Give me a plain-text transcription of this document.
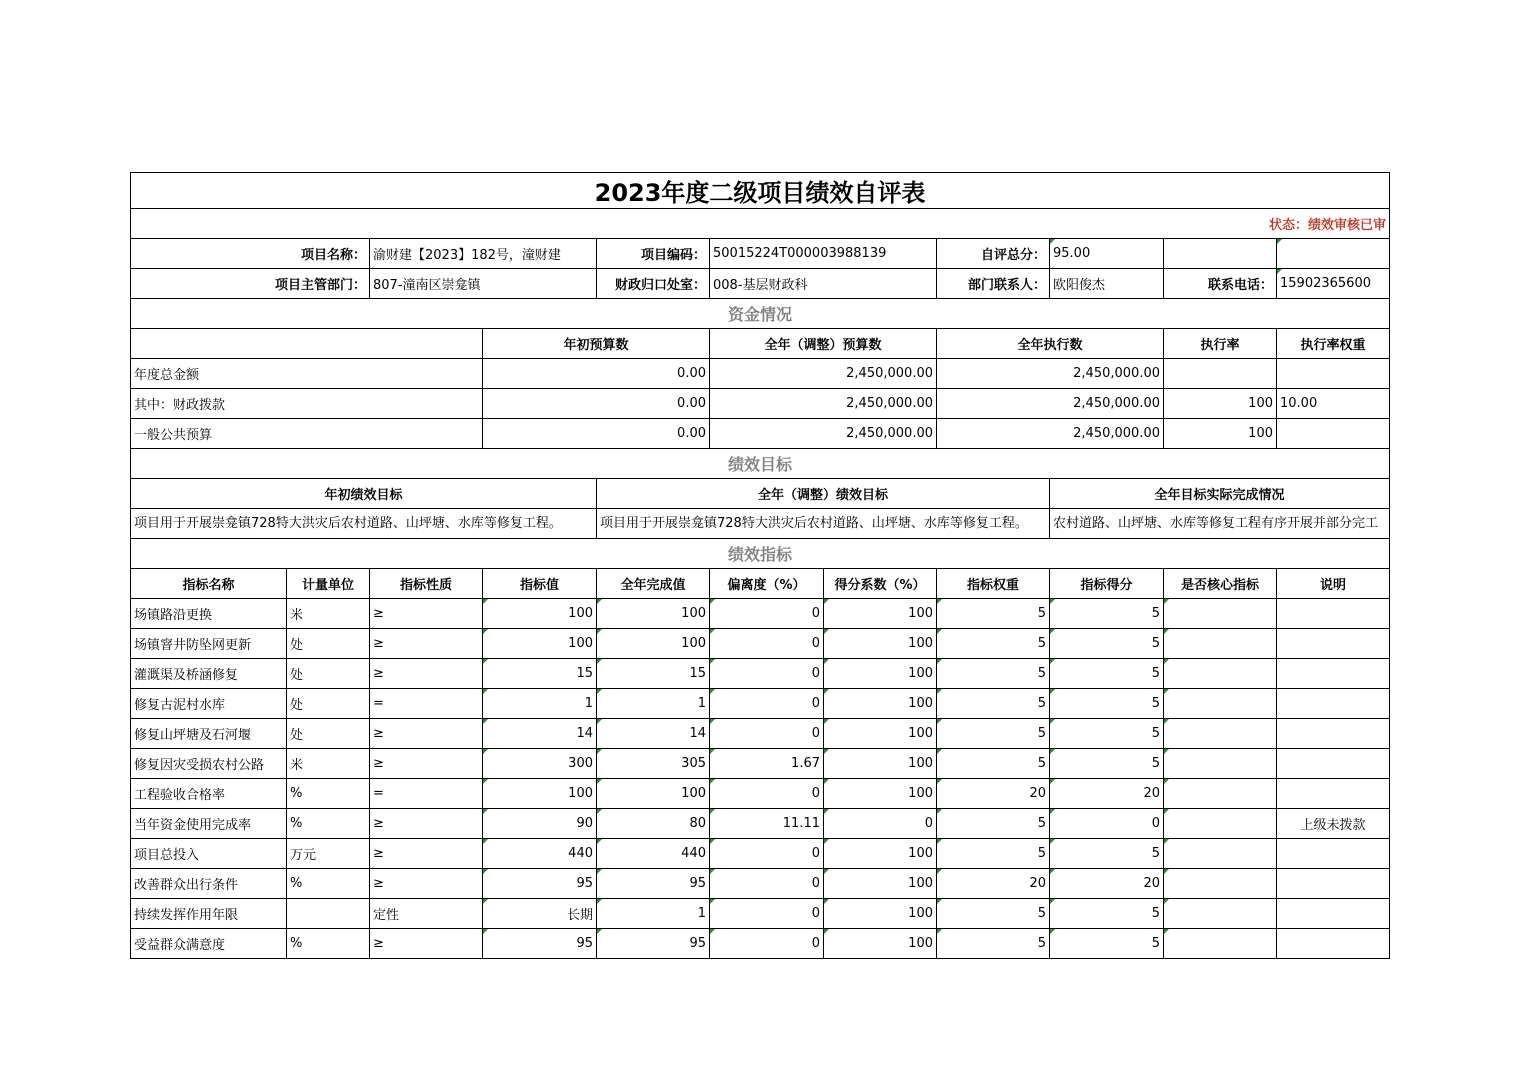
2023年度二级项目绩效自评表											
状态：绩效审核已审											
项目名称：		渝财建【2023】182号，潼财建		项目编码：	50015224T000003988139		自评总分：	95.00			
项目主管部门：		807-潼南区崇龛镇		财政归口处室：	008-基层财政科		部门联系人：	欧阳俊杰	联系电话：	15902365600	
资金情况											
			年初预算数		全年（调整）预算数		全年执行数		执行率	执行率权重	
年度总金额			0.00		2,450,000.00		2,450,000.00				
其中：财政拨款			0.00		2,450,000.00		2,450,000.00		100	10.00	
一般公共预算			0.00		2,450,000.00		2,450,000.00		100		
绩效目标											
年初绩效目标				全年（调整）绩效目标				全年目标实际完成情况			
项目用于开展崇龛镇728特大洪灾后农村道路、山坪塘、水库等修复工程。				项目用于开展崇龛镇728特大洪灾后农村道路、山坪塘、水库等修复工程。				农村道路、山坪塘、水库等修复工程有序开展并部分完工			
绩效指标											
指标名称	计量单位	指标性质	指标值	全年完成值	偏离度（%）	得分系数（%）	指标权重	指标得分	是否核心指标	说明	
场镇路沿更换	米	≥	100	100	0	100	5	5			
场镇窨井防坠网更新	处	≥	100	100	0	100	5	5			
灌溉渠及桥涵修复	处	≥	15	15	0	100	5	5			
修复古泥村水库	处	=	1	1	0	100	5	5			
修复山坪塘及石河堰	处	≥	14	14	0	100	5	5			
修复因灾受损农村公路	米	≥	300	305	1.67	100	5	5			
工程验收合格率	%	=	100	100	0	100	20	20			
当年资金使用完成率	%	≥	90	80	11.11	0	5	0		上级未拨款	
项目总投入	万元	≥	440	440	0	100	5	5			
改善群众出行条件	%	≥	95	95	0	100	20	20			
持续发挥作用年限		定性	长期	1	0	100	5	5			
受益群众满意度	%	≥	95	95	0	100	5	5			
